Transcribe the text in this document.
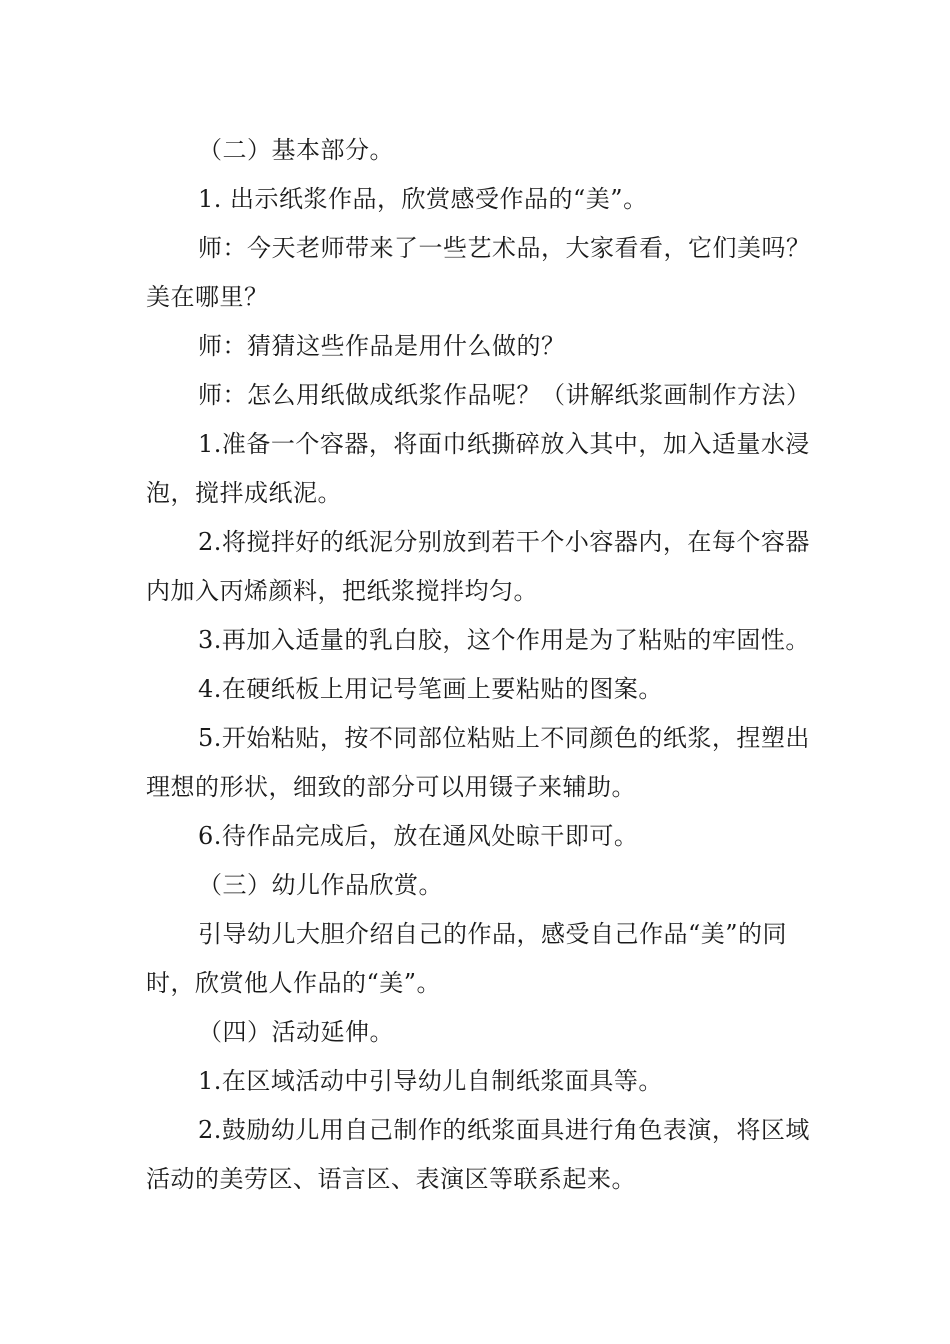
（二）基本部分。

1. 出示纸浆作品，欣赏感受作品的“美”。

师：今天老师带来了一些艺术品，大家看看，它们美吗？美在哪里？

师：猜猜这些作品是用什么做的？

师：怎么用纸做成纸浆作品呢？（讲解纸浆画制作方法）

1.准备一个容器，将面巾纸撕碎放入其中，加入适量水浸泡，搅拌成纸泥。

2.将搅拌好的纸泥分别放到若干个小容器内，在每个容器内加入丙烯颜料，把纸浆搅拌均匀。

3.再加入适量的乳白胶，这个作用是为了粘贴的牢固性。

4.在硬纸板上用记号笔画上要粘贴的图案。

5.开始粘贴，按不同部位粘贴上不同颜色的纸浆，捏塑出理想的形状，细致的部分可以用镊子来辅助。

6.待作品完成后，放在通风处晾干即可。

（三）幼儿作品欣赏。

引导幼儿大胆介绍自己的作品，感受自己作品“美”的同时，欣赏他人作品的“美”。

（四）活动延伸。

1.在区域活动中引导幼儿自制纸浆面具等。

2.鼓励幼儿用自己制作的纸浆面具进行角色表演，将区域活动的美劳区、语言区、表演区等联系起来。
